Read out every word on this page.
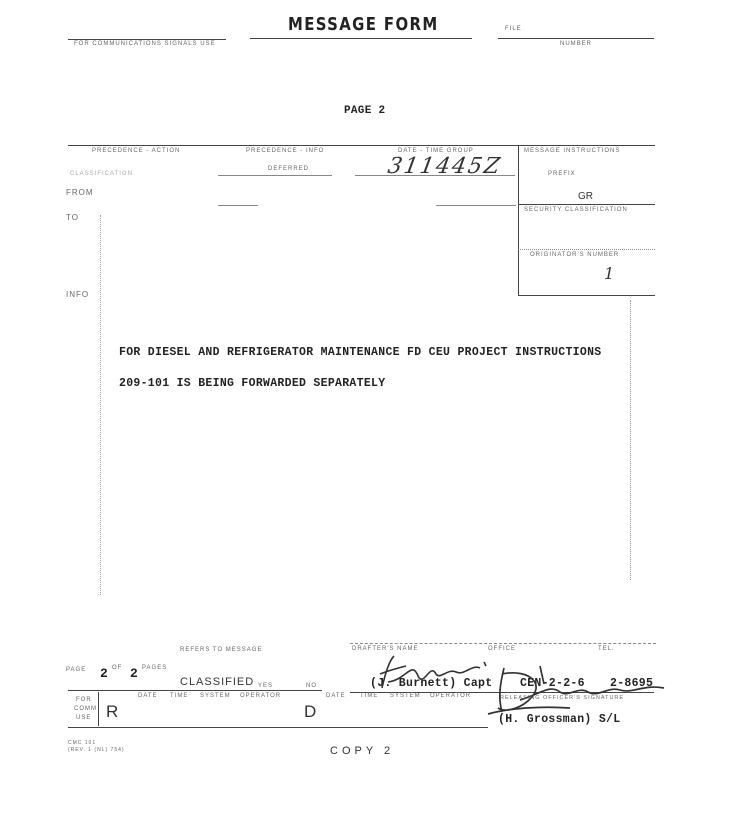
MESSAGE FORM
FOR COMMUNICATIONS SIGNALS USE
FILE
NUMBER
PAGE 2
PRECEDENCE - ACTION	PRECEDENCE - INFO	DATE - TIME GROUP	MESSAGE INSTRUCTIONS
DEFERRED	311445Z
CLASSIFICATION	PREFIX
GR
SECURITY CLASSIFICATION
ORIGINATOR'S NUMBER
1
FROM
TO
INFO
FOR DIESEL AND REFRIGERATOR MAINTENANCE FD CEU PROJECT INSTRUCTIONS
209-101 IS BEING FORWARDED SEPARATELY
REFERS TO MESSAGE	DRAFTER'S NAME	OFFICE	TEL.
PAGE 2 OF 2 PAGES
CLASSIFIED YES	NO	(J. Burnett) Capt CEN-2-2-6 2-8695
RELEASING OFFICER'S SIGNATURE
FOR
COMM
USE
DATE TIME SYSTEM OPERATOR	DATE TIME SYSTEM OPERATOR
R	D	(H. Grossman) S/L
CMC 101
(REV. 1 (NL) 754)	COPY 2
